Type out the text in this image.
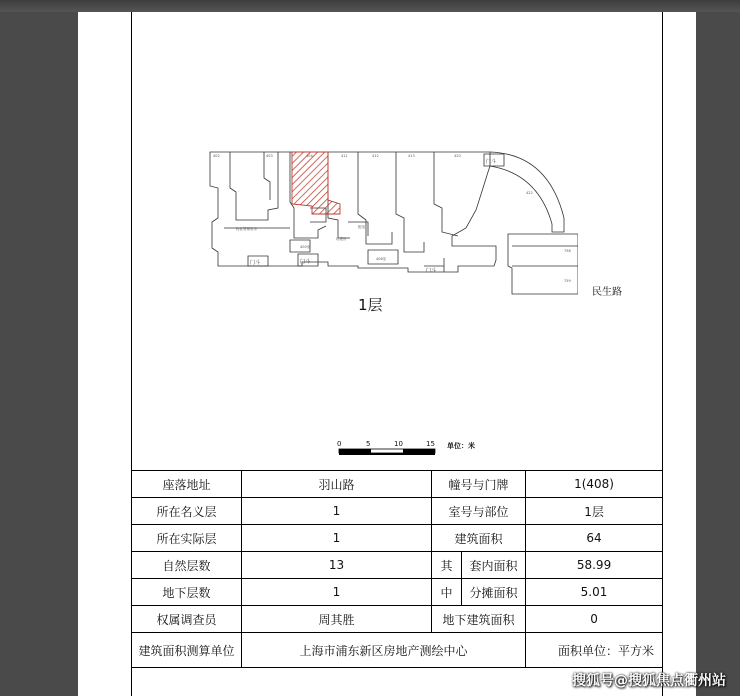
402	403	404	411	412	413	420
422
物业管理用房
垃圾房
400室
406室
758
759
配电
门斗	门斗
门斗
门斗
1层
民生路
0	5	10	15 单位：米
座落地址	羽山路	幢号与门牌		1(408)
所在名义层	1	室号与部位		1层
所在实际层	1	建筑面积		64
自然层数	13	其	套内面积	58.99
地下层数	1	中	分摊面积	5.01
权属调查员	周其胜	地下建筑面积		0
建筑面积测算单位	上海市浦东新区房地产测绘中心			面积单位：平方米
搜狐号@搜狐焦点衢州站
